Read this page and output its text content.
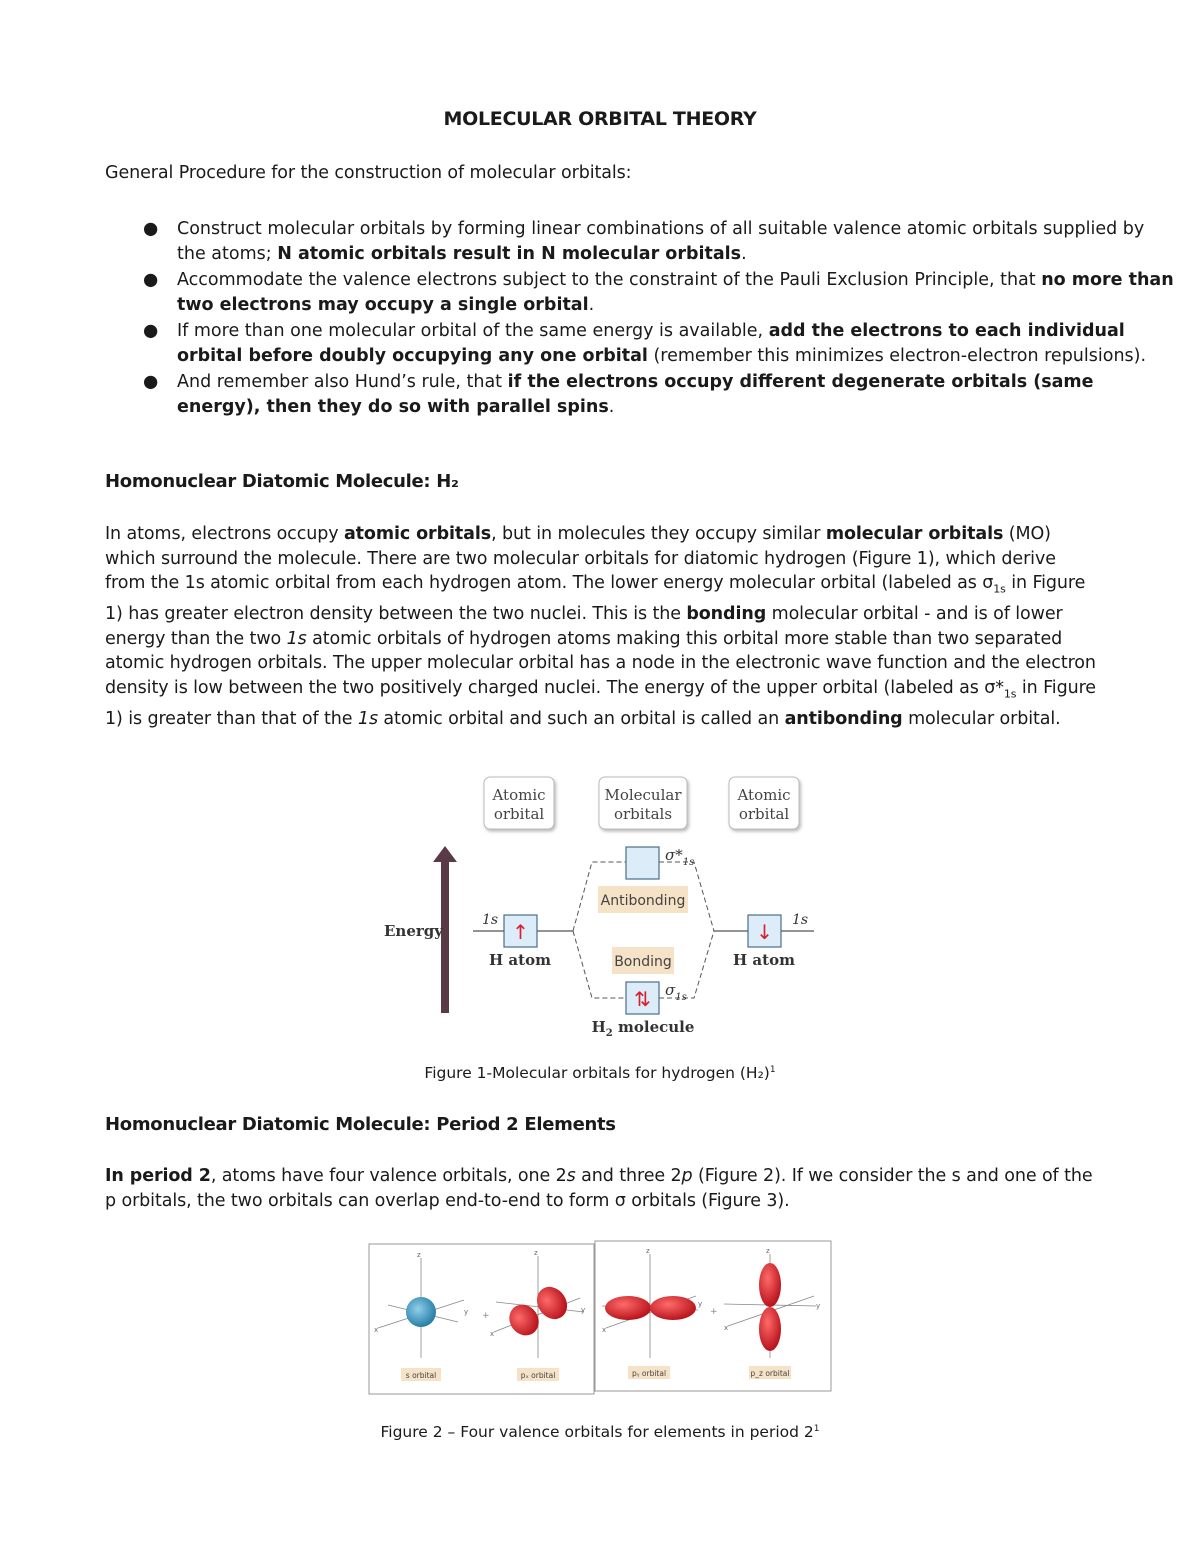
MOLECULAR ORBITAL THEORY
General Procedure for the construction of molecular orbitals:
● Construct molecular orbitals by forming linear combinations of all suitable valence atomic orbitals supplied by the atoms; N atomic orbitals result in N molecular orbitals.
● Accommodate the valence electrons subject to the constraint of the Pauli Exclusion Principle, that no more than two electrons may occupy a single orbital.
● If more than one molecular orbital of the same energy is available, add the electrons to each individual orbital before doubly occupying any one orbital (remember this minimizes electron-electron repulsions).
● And remember also Hund’s rule, that if the electrons occupy different degenerate orbitals (same energy), then they do so with parallel spins.
Homonuclear Diatomic Molecule: H₂
In atoms, electrons occupy atomic orbitals, but in molecules they occupy similar molecular orbitals (MO) which surround the molecule. There are two molecular orbitals for diatomic hydrogen (Figure 1), which derive from the 1s atomic orbital from each hydrogen atom. The lower energy molecular orbital (labeled as $\sigma_{1s}$ in Figure 1) has greater electron density between the two nuclei. This is the bonding molecular orbital - and is of lower energy than the two 1s atomic orbitals of hydrogen atoms making this orbital more stable than two separated atomic hydrogen orbitals. The upper molecular orbital has a node in the electronic wave function and the electron density is low between the two positively charged nuclei. The energy of the upper orbital (labeled as $\sigma*_{1s}$ in Figure 1) is greater than that of the 1s atomic orbital and such an orbital is called an antibonding molecular orbital.
Atomic
orbital
Molecular
orbitals
Atomic
orbital
Energy
1s ↑
H atom
1s
↓
H atom
$\sigma*_{1s}$
Antibonding
Bonding
⇅ $\sigma_{1s}$
$H_2$ molecule
Figure 1-Molecular orbitals for hydrogen $(H_2)^1$
Homonuclear Diatomic Molecule: Period 2 Elements
In period 2, atoms have four valence orbitals, one 2s and three 2p (Figure 2). If we consider the s and one of the p orbitals, the two orbitals can overlap end-to-end to form σ orbitals (Figure 3).
z
x
y +
s orbital
z
x
y
pₓ orbital
z
x
y
+
pᵧ orbital
z
x
y
p_z orbital
Figure 2 – Four valence orbitals for elements in period $2^1$
